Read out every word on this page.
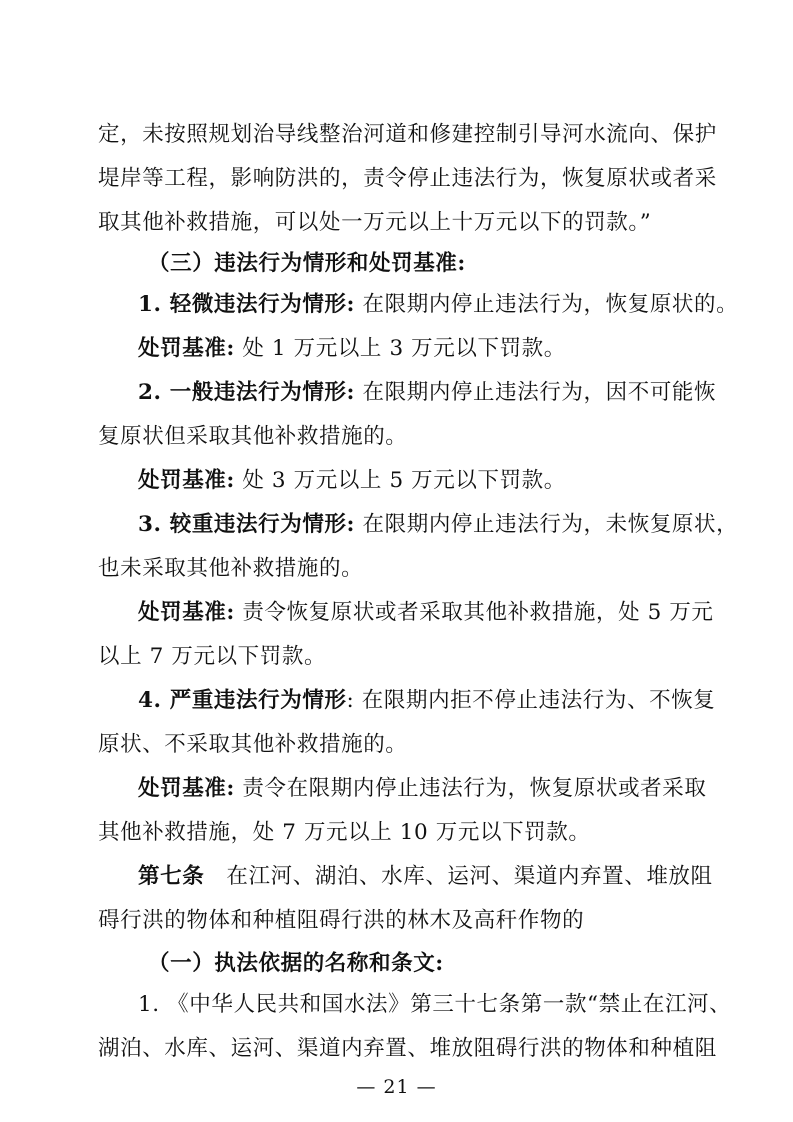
定，未按照规划治导线整治河道和修建控制引导河水流向、保护
堤岸等工程，影响防洪的，责令停止违法行为，恢复原状或者采
取其他补救措施，可以处一万元以上十万元以下的罚款。”
（三）违法行为情形和处罚基准:
1. 轻微违法行为情形: 在限期内停止违法行为，恢复原状的。
处罚基准: 处 1 万元以上 3 万元以下罚款。
2. 一般违法行为情形: 在限期内停止违法行为，因不可能恢
复原状但采取其他补救措施的。
处罚基准: 处 3 万元以上 5 万元以下罚款。
3. 较重违法行为情形: 在限期内停止违法行为，未恢复原状，
也未采取其他补救措施的。
处罚基准: 责令恢复原状或者采取其他补救措施，处 5 万元
以上 7 万元以下罚款。
4. 严重违法行为情形: 在限期内拒不停止违法行为、不恢复
原状、不采取其他补救措施的。
处罚基准: 责令在限期内停止违法行为，恢复原状或者采取
其他补救措施，处 7 万元以上 10 万元以下罚款。
第七条　在江河、湖泊、水库、运河、渠道内弃置、堆放阻
碍行洪的物体和种植阻碍行洪的林木及高秆作物的
（一）执法依据的名称和条文:
1. 《中华人民共和国水法》第三十七条第一款“禁止在江河、
湖泊、水库、运河、渠道内弃置、堆放阻碍行洪的物体和种植阻
— 21 —
